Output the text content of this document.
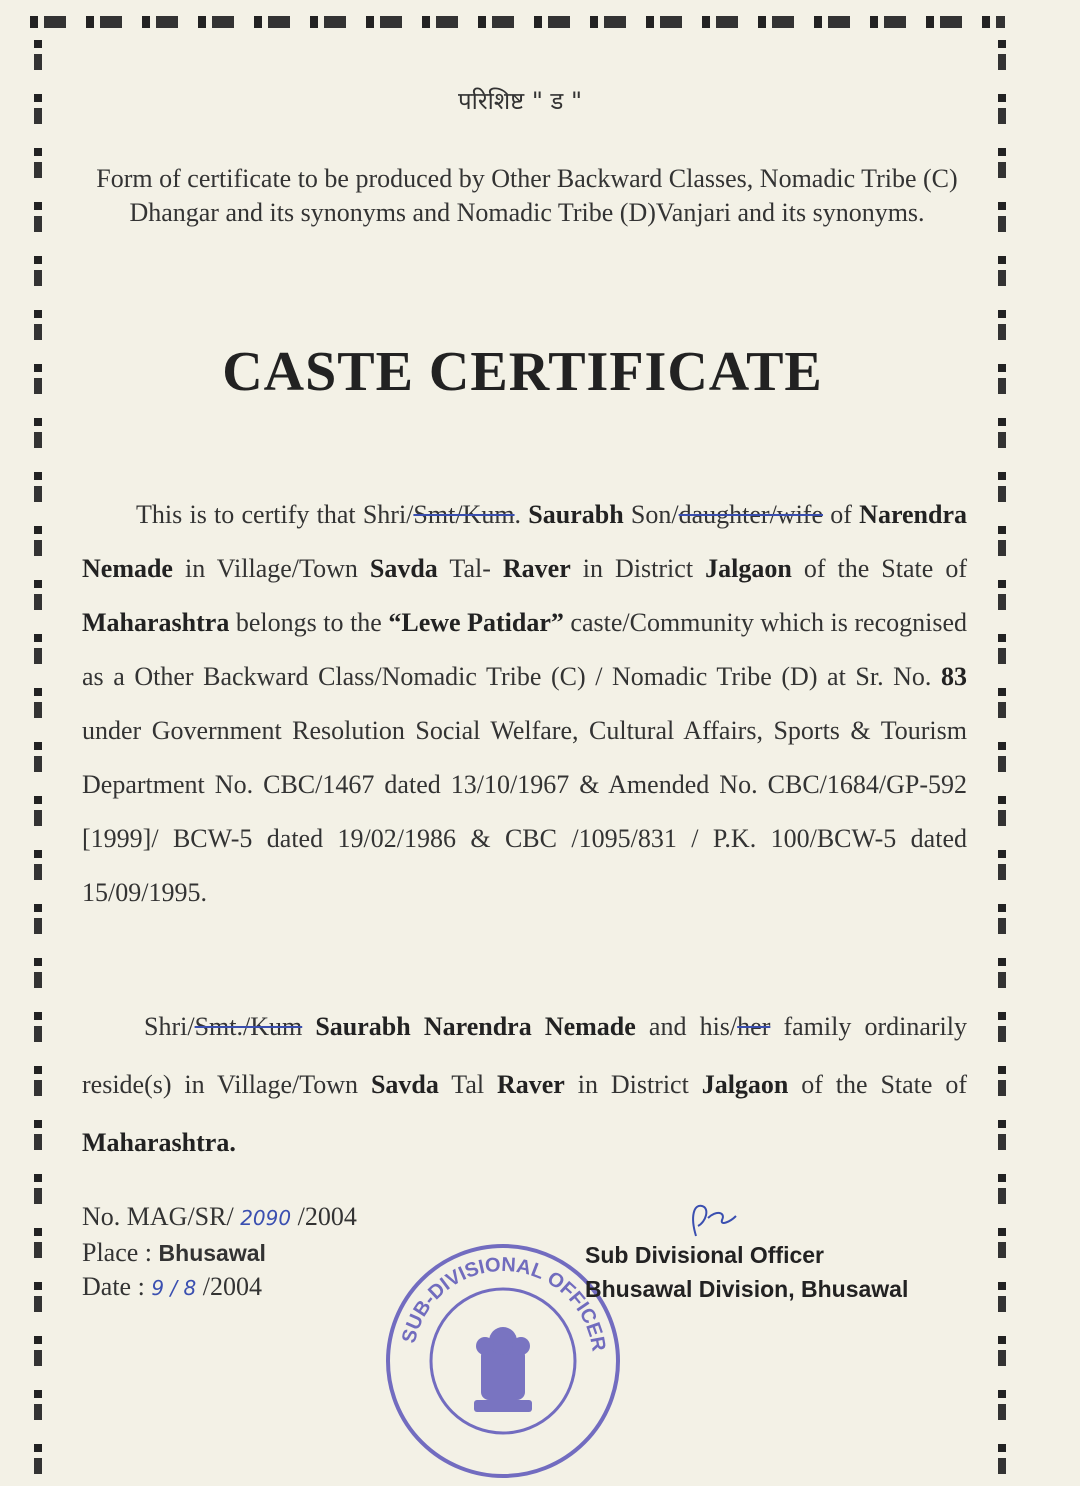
परिशिष्ट " ड "
Form of certificate to be produced by Other Backward Classes, Nomadic Tribe (C) Dhangar and its synonyms and Nomadic Tribe (D)Vanjari and its synonyms.
CASTE CERTIFICATE
This is to certify that Shri/Smt/Kum. Saurabh Son/daughter/wife of Narendra Nemade in Village/Town Savda Tal- Raver in District Jalgaon of the State of Maharashtra belongs to the “Lewe Patidar” caste/Community which is recognised as a Other Backward Class/Nomadic Tribe (C) / Nomadic Tribe (D) at Sr. No. 83 under Government Resolution Social Welfare, Cultural Affairs, Sports & Tourism Department No. CBC/1467 dated 13/10/1967 & Amended No. CBC/1684/GP-592 [1999]/ BCW-5 dated 19/02/1986 & CBC /1095/831 / P.K. 100/BCW-5 dated 15/09/1995.
Shri/Smt./Kum Saurabh Narendra Nemade and his/her family ordinarily reside(s) in Village/Town Savda Tal Raver in District Jalgaon of the State of Maharashtra.
No. MAG/SR/ 2090 /2004
Place : Bhusawal
Date : 9 / 8 /2004
SUB-DIVISIONAL OFFICER
Sub Divisional Officer
Bhusawal Division, Bhusawal
